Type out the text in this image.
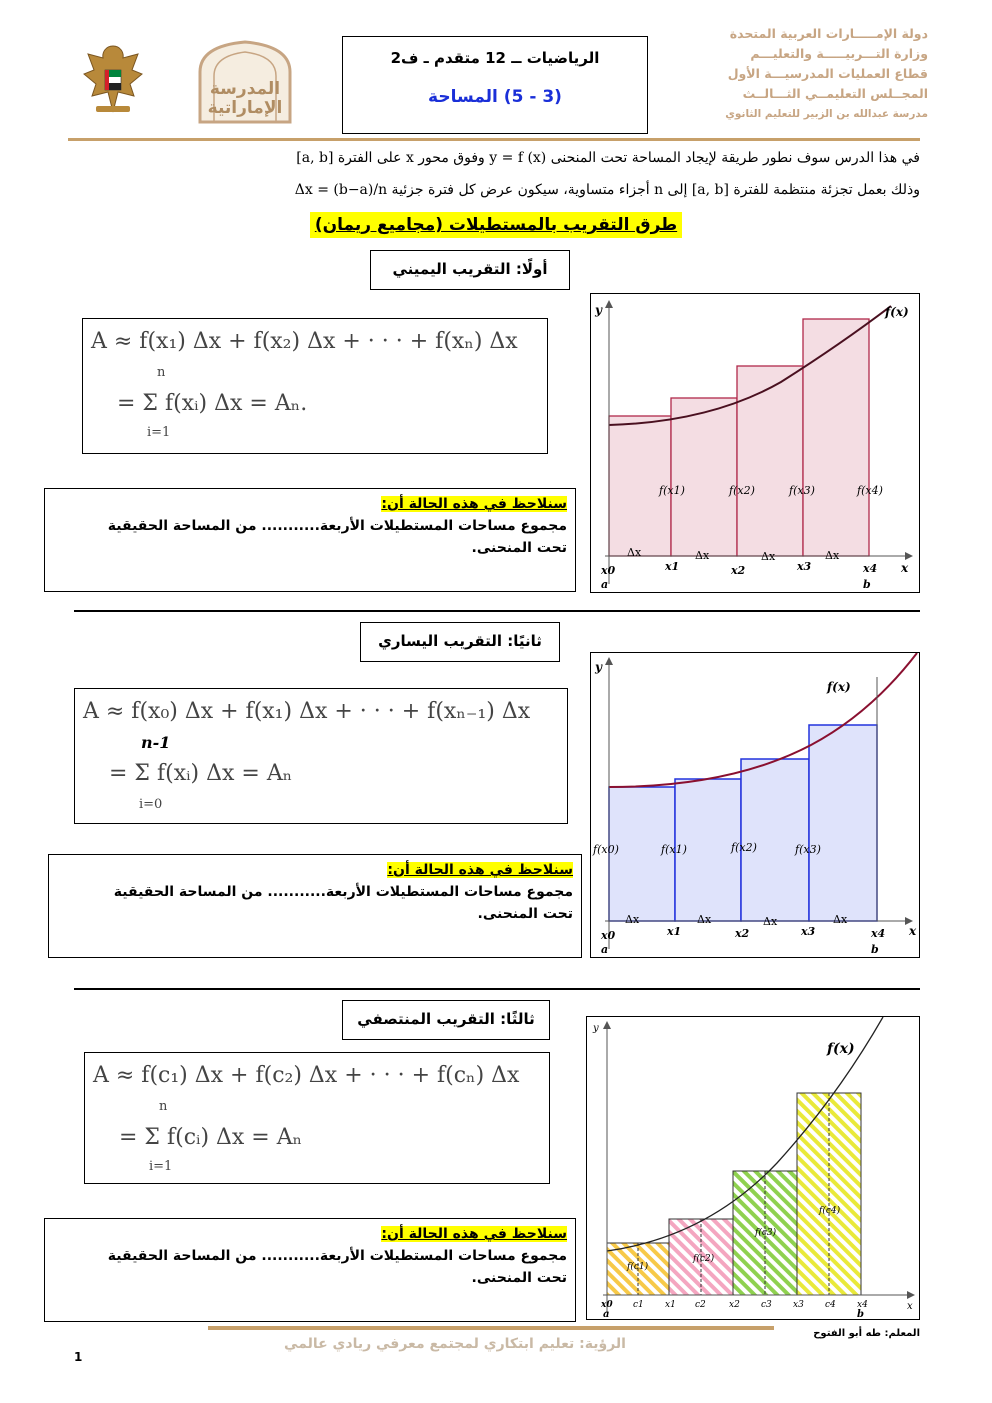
المدرسة الإماراتية
الرياضيات ــ 12 متقدم ـ ف2
(3 - 5) المساحة
دولة الإمـــــارات العربية المتحدة
وزارة التـــربيـــــة والتعليـــم
قطاع العمليات المدرسيـــة الأول
المجــلس التعليمــي الثـــالــث
مدرسة عبدالله بن الزبير للتعليم الثانوي
في هذا الدرس سوف نطور طريقة لإيجاد المساحة تحت المنحنى y = f (x) وفوق محور x على الفترة [a, b]
وذلك بعمل تجزئة منتظمة للفترة [a, b] إلى n أجزاء متساوية، سيكون عرض كل فترة جزئية Δx = (b−a)/n
طرق التقريب بالمستطيلات (مجاميع ريمان)
أولًا: التقريب اليميني
A ≈ f(x₁) Δx + f(x₂) Δx + · · · + f(xₙ) Δx
n
i=1
= Σ f(xᵢ) Δx = Aₙ.
سنلاحظ في هذه الحالة أن:
مجموع مساحات المستطيلات الأربعة........... من المساحة الحقيقية
تحت المنحنى.
y
x
f(x)
f(x1)	f(x2)	f(x3)	f(x4)
Δx	Δx	Δx	Δx
x0	x1	x2	x3	x4
a	b
ثانيًا: التقريب اليساري
A ≈ f(x₀) Δx + f(x₁) Δx + · · · + f(xₙ₋₁) Δx
n-1
i=0
= Σ f(xᵢ) Δx = Aₙ
سنلاحظ في هذه الحالة أن:
مجموع مساحات المستطيلات الأربعة........... من المساحة الحقيقية
تحت المنحنى.
y
x
f(x)
f(x0)	f(x1)	f(x2)	f(x3)
Δx	Δx	Δx	Δx
x0	x1	x2	x3	x4
a	b
ثالثًا: التقريب المنتصفي
A ≈ f(c₁) Δx + f(c₂) Δx + · · · + f(cₙ) Δx
n
i=1
= Σ f(cᵢ) Δx = Aₙ
سنلاحظ في هذه الحالة أن:
مجموع مساحات المستطيلات الأربعة........... من المساحة الحقيقية
تحت المنحنى.
y
x
f(x)
f(c1)
f(c2)
f(c3)
f(c4)
x0 c1 x1 c2	x2 c3 x3 c4 x4
a	b
المعلم: طه أبو الفتوح
الرؤية: تعليم ابتكاري لمجتمع معرفي ريادي عالمي
1
